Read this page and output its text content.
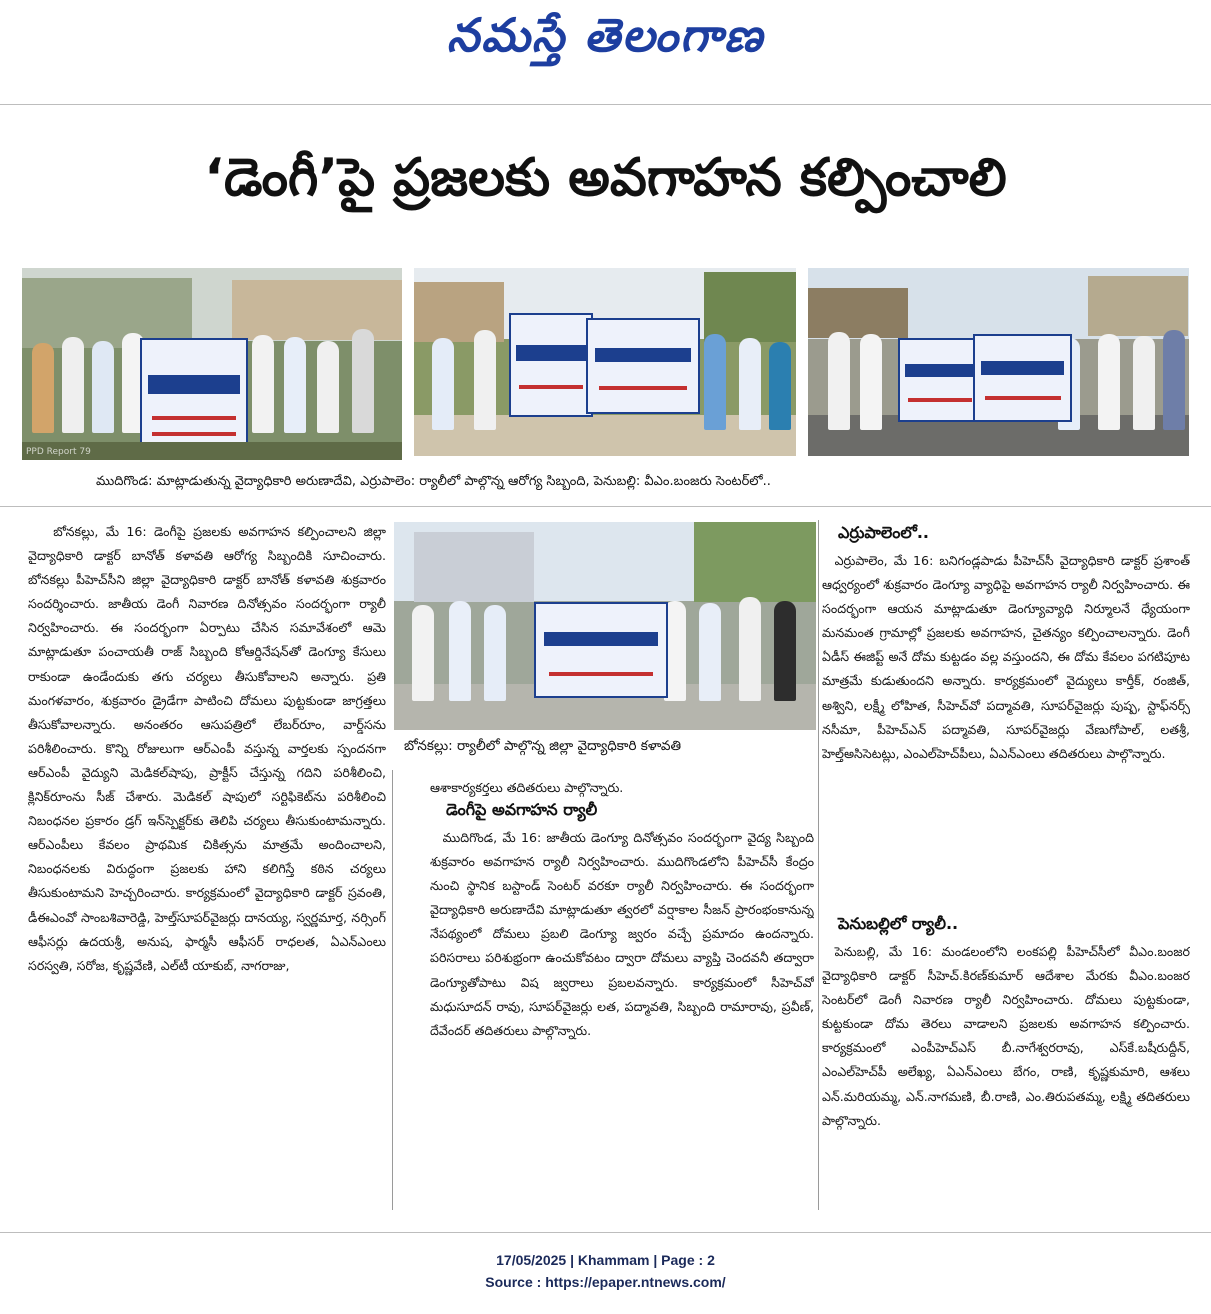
నమస్తే తెలంగాణ
‘డెంగీ’పై ప్రజలకు అవగాహన కల్పించాలి
PPD Report 79
ముదిగొండ: మాట్లాడుతున్న వైద్యాధికారి అరుణాదేవి, ఎర్రుపాలెం: ర్యాలీలో పాల్గొన్న ఆరోగ్య సిబ్బంది, పెనుబల్లి: వీఎం.బంజరు సెంటర్‌లో..
బోనకల్లు: ర్యాలీలో పాల్గొన్న జిల్లా వైద్యాధికారి కళావతి

బోనకల్లు, మే 16: డెంగీపై ప్రజలకు అవగాహన కల్పించాలని జిల్లా వైద్యాధికారి డాక్టర్ బానోత్ కళావతి ఆరోగ్య సిబ్బందికి సూచించారు. బోనకల్లు పీహెచ్‌సీని జిల్లా వైద్యాధికారి డాక్టర్ బానోత్ కళావతి శుక్రవారం సందర్శించారు. జాతీయ డెంగీ నివారణ దినోత్సవం సందర్భంగా ర్యాలీ నిర్వహించారు. ఈ సందర్భంగా ఏర్పాటు చేసిన సమావేశంలో ఆమె మాట్లాడుతూ పంచాయతీ రాజ్ సిబ్బంది కోఆర్డినేషన్‌తో డెంగ్యూ కేసులు రాకుండా ఉండేందుకు తగు చర్యలు తీసుకోవాలని అన్నారు. ప్రతి మంగళవారం, శుక్రవారం డ్రైడేగా పాటించి దోమలు పుట్టకుండా జాగ్రత్తలు తీసుకోవాలన్నారు. అనంతరం ఆసుపత్రిలో లేబర్‌రూం, వార్డ్‌సను పరిశీలించారు. కొన్ని రోజులుగా ఆర్‌ఎంపీ వస్తున్న వార్తలకు స్పందనగా ఆర్‌ఎంపీ వైద్యుని మెడికల్‌షాపు, ప్రాక్టీస్ చేస్తున్న గదిని పరిశీలించి, క్లినిక్‌రూంను సీజ్ చేశారు. మెడికల్ షాపులో సర్టిఫికెట్‌ను పరిశీలించి నిబంధనల ప్రకారం డ్రగ్ ఇన్‌స్పెక్టర్‌కు తెలిపి చర్యలు తీసుకుంటామన్నారు. ఆర్‌ఎంపీలు కేవలం ప్రాథమిక చికిత్సను మాత్రమే అందించాలని, నిబంధనలకు విరుద్ధంగా ప్రజలకు హాని కలిగిస్తే కఠిన చర్యలు తీసుకుంటామని హెచ్చరించారు. కార్యక్రమంలో వైద్యాధికారి డాక్టర్ స్రవంతి, డీఈఎంవో సాంబశివారెడ్డి, హెల్త్‌సూపర్‌వైజర్లు దానయ్య, స్వర్ణమార్త, నర్సింగ్ ఆఫీసర్లు ఉదయశ్రీ, అనుష, ఫార్మసీ ఆఫీసర్ రాధలత, ఏఎన్‌ఎంలు సరస్వతి, సరోజ, కృష్ణవేణి, ఎల్‌టీ యాకుబ్, నాగరాజు,

ఆశాకార్యకర్తలు తదితరులు పాల్గొన్నారు.

డెంగీపై అవగాహన ర్యాలీ

ముదిగొండ, మే 16: జాతీయ డెంగ్యూ దినోత్సవం సందర్భంగా వైద్య సిబ్బంది శుక్రవారం అవగాహన ర్యాలీ నిర్వహించారు. ముదిగొండలోని పీహెచ్‌సీ కేంద్రం నుంచి స్థానిక బస్టాండ్ సెంటర్ వరకూ ర్యాలీ నిర్వహించారు. ఈ సందర్భంగా వైద్యాధికారి అరుణాదేవి మాట్లాడుతూ త్వరలో వర్షాకాల సీజన్ ప్రారంభంకానున్న నేపథ్యంలో దోమలు ప్రబలి డెంగ్యూ జ్వరం వచ్చే ప్రమాదం ఉందన్నారు. పరిసరాలు పరిశుభ్రంగా ఉంచుకోవటం ద్వారా దోమలు వ్యాప్తి చెందవనీ తద్వారా డెంగ్యూతోపాటు విష జ్వరాలు ప్రబలవన్నారు. కార్యక్రమంలో సీహెచ్‌వో మధుసూదన్ రావు, సూపర్‌వైజర్లు లత, పద్మావతి, సిబ్బంది రామారావు, ప్రవీణ్, దేవేందర్ తదితరులు పాల్గొన్నారు.

ఎర్రుపాలెంలో..

ఎర్రుపాలెం, మే 16: బనిగండ్లపాడు పీహెచ్‌సీ వైద్యాధికారి డాక్టర్ ప్రశాంత్ ఆధ్వర్యంలో శుక్రవారం డెంగ్యూ వ్యాధిపై అవగాహన ర్యాలీ నిర్వహించారు. ఈ సందర్భంగా ఆయన మాట్లాడుతూ డెంగ్యూవ్యాధి నిర్మూలనే ధ్యేయంగా మనమంత గ్రామాల్లో ప్రజలకు అవగాహన, చైతన్యం కల్పించాలన్నారు. డెంగీ ఏడీస్ ఈజిప్ట్ అనే దోమ కుట్టడం వల్ల వస్తుందని, ఈ దోమ కేవలం పగటిపూట మాత్రమే కుడుతుందని అన్నారు. కార్యక్రమంలో వైద్యులు కార్తీక్, రంజిత్, అశ్విని, లక్ష్మీ లోహిత, సీహెచ్‌వో పద్మావతి, సూపర్‌వైజర్లు పుష్ప, స్టాఫ్‌నర్స్ నసీమా, పీహెచ్‌ఎన్ పద్మావతి, సూపర్‌వైజర్లు వేణుగోపాల్, లతశ్రీ, హెల్త్‌అసిసెటట్లు, ఎంఎల్‌హెచ్‌పీలు, ఏఎన్‌ఎంలు తదితరులు పాల్గొన్నారు.

పెనుబల్లిలో ర్యాలీ..

పెనుబల్లి, మే 16: మండలంలోని లంకపల్లి పీహెచ్‌సీలో వీఎం.బంజర వైద్యాధికారి డాక్టర్ సీహెచ్.కిరణ్‌కుమార్ ఆదేశాల మేరకు వీఎం.బంజర సెంటర్‌లో డెంగీ నివారణ ర్యాలీ నిర్వహించారు. దోమలు పుట్టకుండా, కుట్టకుండా దోమ తెరలు వాడాలని ప్రజలకు అవగాహన కల్పించారు. కార్యక్రమంలో ఎంపీహెచ్‌ఎస్ బీ.నాగేశ్వరరావు, ఎస్‌కే.బషీరుద్దీన్, ఎంఎల్‌హెచ్‌పీ అలేఖ్య, ఏఎన్‌ఎంలు బేగం, రాణి, కృష్ణకుమారి, ఆశలు ఎన్.మరియమ్మ, ఎన్.నాగమణి, బీ.రాణి, ఎం.తిరుపతమ్మ, లక్ష్మి తదితరులు పాల్గొన్నారు.

17/05/2025 | Khammam | Page : 2
Source : https://epaper.ntnews.com/
